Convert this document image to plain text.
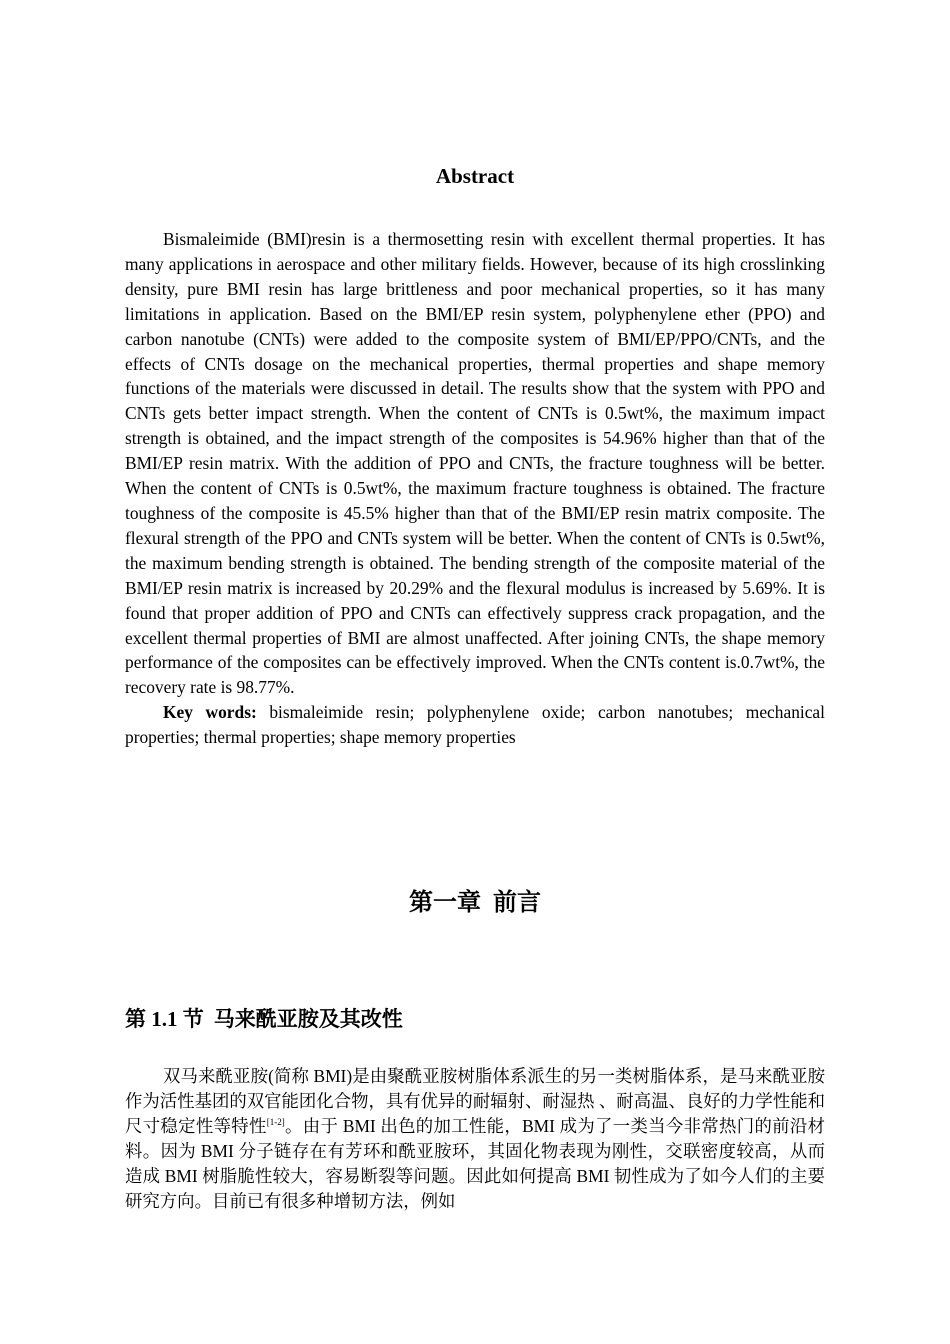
Abstract

Bismaleimide (BMI)resin is a thermosetting resin with excellent thermal properties. It has many applications in aerospace and other military fields. However, because of its high crosslinking density, pure BMI resin has large brittleness and poor mechanical properties, so it has many limitations in application. Based on the BMI/EP resin system, polyphenylene ether (PPO) and carbon nanotube (CNTs) were added to the composite system of BMI/EP/PPO/CNTs, and the effects of CNTs dosage on the mechanical properties, thermal properties and shape memory functions of the materials were discussed in detail. The results show that the system with PPO and CNTs gets better impact strength. When the content of CNTs is 0.5wt%, the maximum impact strength is obtained, and the impact strength of the composites is 54.96% higher than that of the BMI/EP resin matrix. With the addition of PPO and CNTs, the fracture toughness will be better. When the content of CNTs is 0.5wt%, the maximum fracture toughness is obtained. The fracture toughness of the composite is 45.5% higher than that of the BMI/EP resin matrix composite. The flexural strength of the PPO and CNTs system will be better. When the content of CNTs is 0.5wt%, the maximum bending strength is obtained. The bending strength of the composite material of the BMI/EP resin matrix is increased by 20.29% and the flexural modulus is increased by 5.69%. It is found that proper addition of PPO and CNTs can effectively suppress crack propagation, and the excellent thermal properties of BMI are almost unaffected. After joining CNTs, the shape memory performance of the composites can be effectively improved. When the CNTs content is.0.7wt%, the recovery rate is 98.77%.

Key words: bismaleimide resin; polyphenylene oxide; carbon nanotubes; mechanical properties; thermal properties; shape memory properties

第一章 前言
第 1.1 节 马来酰亚胺及其改性

双马来酰亚胺(简称 BMI)是由聚酰亚胺树脂体系派生的另一类树脂体系，是马来酰亚胺作为活性基团的双官能团化合物，具有优异的耐辐射、耐湿热 、耐高温、良好的力学性能和尺寸稳定性等特性[1-2]。由于 BMI 出色的加工性能，BMI 成为了一类当今非常热门的前沿材料。因为 BMI 分子链存在有芳环和酰亚胺环，其固化物表现为刚性，交联密度较高，从而造成 BMI 树脂脆性较大，容易断裂等问题。因此如何提高 BMI 韧性成为了如今人们的主要研究方向。目前已有很多种增韧方法，例如
